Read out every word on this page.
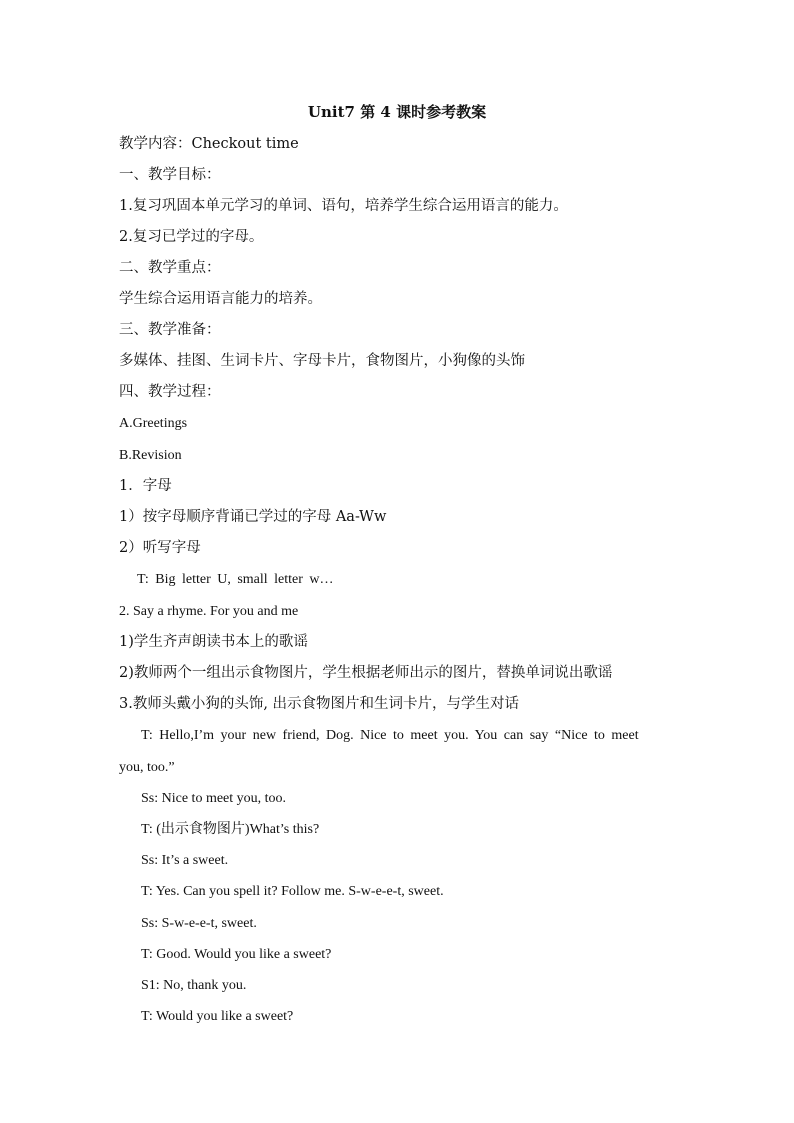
Unit7 第 4 课时参考教案
教学内容：Checkout time
一、教学目标：
1.复习巩固本单元学习的单词、语句，培养学生综合运用语言的能力。
2.复习已学过的字母。
二、教学重点：
学生综合运用语言能力的培养。
三、教学准备：
多媒体、挂图、生词卡片、字母卡片，食物图片，小狗像的头饰
四、教学过程：
A.Greetings
B.Revision
1．字母
1）按字母顺序背诵已学过的字母 Aa-Ww
2）听写字母
T: Big letter U, small letter w…
2. Say a rhyme. For you and me
1)学生齐声朗读书本上的歌谣
2)教师两个一组出示食物图片，学生根据老师出示的图片，替换单词说出歌谣
3.教师头戴小狗的头饰, 出示食物图片和生词卡片，与学生对话
T: Hello,I’m your new friend, Dog. Nice to meet you. You can say “Nice to meet
you, too.”
Ss: Nice to meet you, too.
T: (出示食物图片)What’s this?
Ss: It’s a sweet.
T: Yes. Can you spell it? Follow me. S-w-e-e-t, sweet.
Ss: S-w-e-e-t, sweet.
T: Good. Would you like a sweet?
S1: No, thank you.
T: Would you like a sweet?
